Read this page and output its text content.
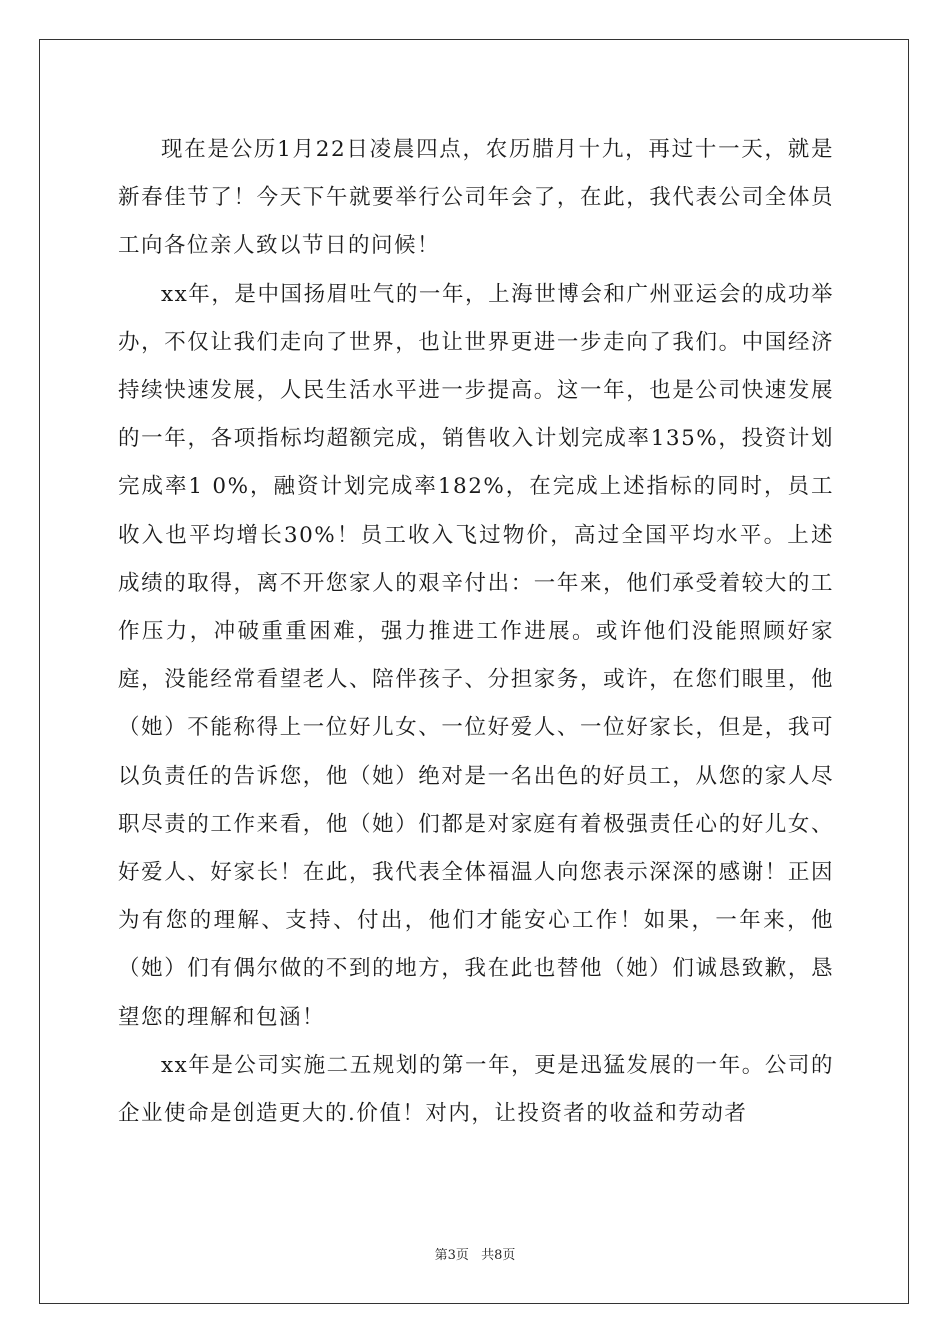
现在是公历1月22日凌晨四点，农历腊月十九，再过十一天，就是新春佳节了！今天下午就要举行公司年会了，在此，我代表公司全体员工向各位亲人致以节日的问候！

xx年，是中国扬眉吐气的一年，上海世博会和广州亚运会的成功举办，不仅让我们走向了世界，也让世界更进一步走向了我们。中国经济持续快速发展，人民生活水平进一步提高。这一年，也是公司快速发展的一年，各项指标均超额完成，销售收入计划完成率135%，投资计划完成率1 0%，融资计划完成率182%，在完成上述指标的同时，员工收入也平均增长30%！员工收入飞过物价，高过全国平均水平。上述成绩的取得，离不开您家人的艰辛付出：一年来，他们承受着较大的工作压力，冲破重重困难，强力推进工作进展。或许他们没能照顾好家庭，没能经常看望老人、陪伴孩子、分担家务，或许，在您们眼里，他（她）不能称得上一位好儿女、一位好爱人、一位好家长，但是，我可以负责任的告诉您，他（她）绝对是一名出色的好员工，从您的家人尽职尽责的工作来看，他（她）们都是对家庭有着极强责任心的好儿女、好爱人、好家长！在此，我代表全体福温人向您表示深深的感谢！正因为有您的理解、支持、付出，他们才能安心工作！如果，一年来，他（她）们有偶尔做的不到的地方，我在此也替他（她）们诚恳致歉，恳望您的理解和包涵！

xx年是公司实施二五规划的第一年，更是迅猛发展的一年。公司的企业使命是创造更大的.价值！对内，让投资者的收益和劳动者

第3页 共8页
